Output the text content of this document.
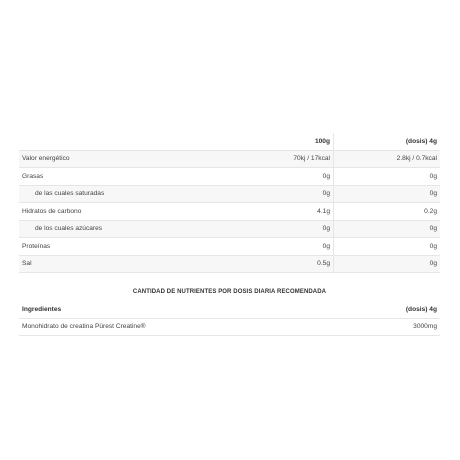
	100g	(dosis) 4g
Valor energético	70kj / 17kcal	2.8kj / 0.7kcal
Grasas	0g	0g
de las cuales saturadas	0g	0g
Hidratos de carbono	4.1g	0.2g
de los cuales azúcares	0g	0g
Proteínas	0g	0g
Sal	0.5g	0g
CANTIDAD DE NUTRIENTES POR DOSIS DIARIA RECOMENDADA
Ingredientes	(dosis) 4g
Monohidrato de creatina Pürest Creatine®	3000mg
